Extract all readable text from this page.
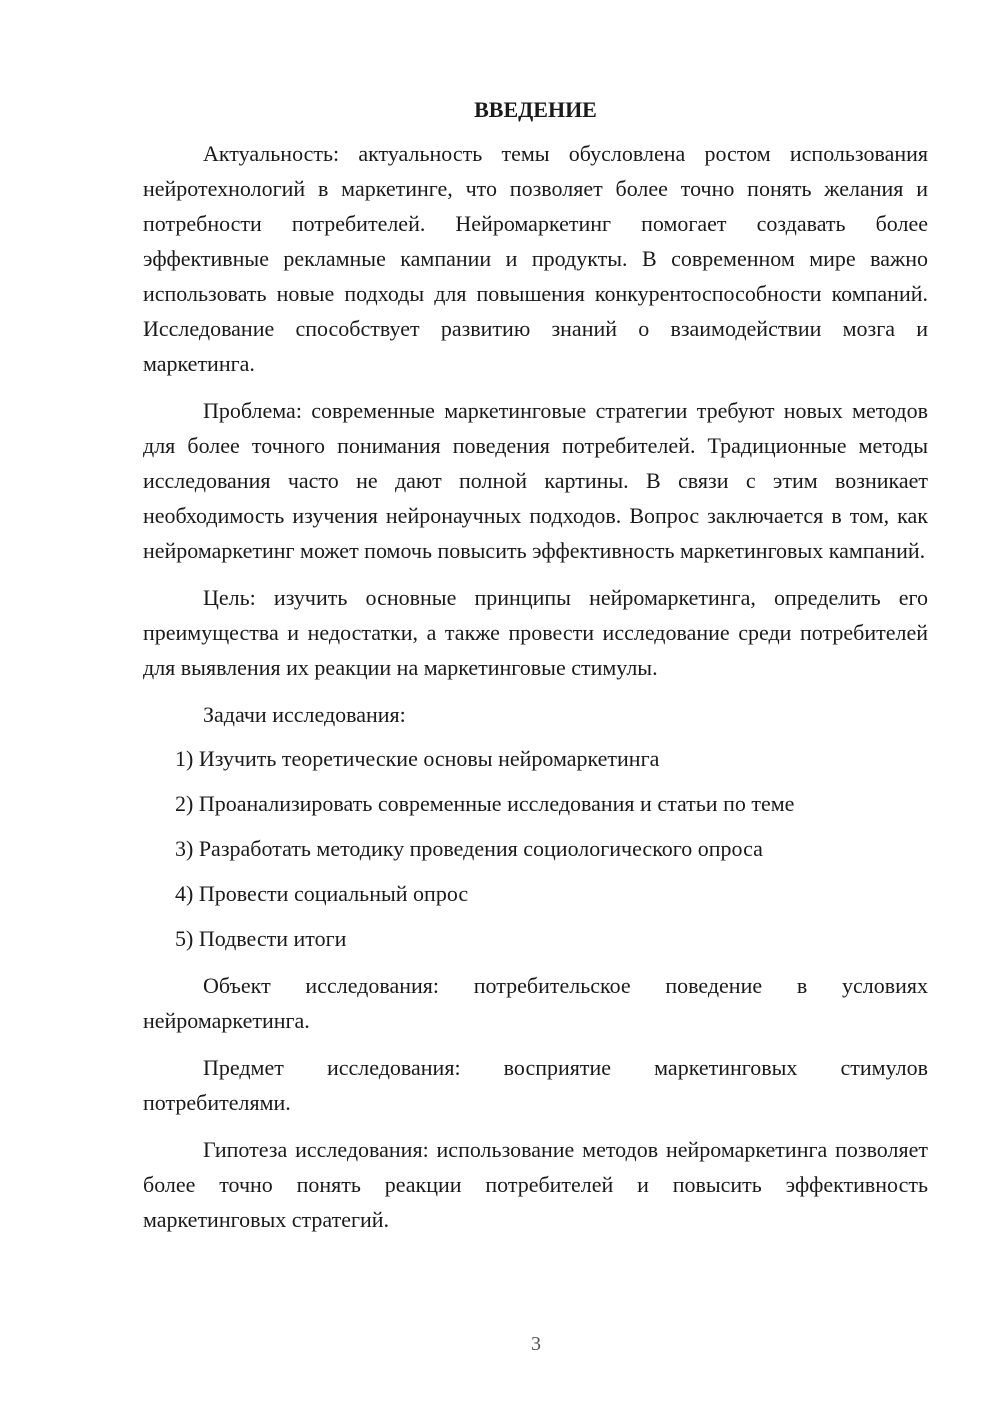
ВВЕДЕНИЕ

Актуальность: актуальность темы обусловлена ростом использования нейротехнологий в маркетинге, что позволяет более точно понять желания и потребности потребителей. Нейромаркетинг помогает создавать более эффективные рекламные кампании и продукты. В современном мире важно использовать новые подходы для повышения конкурентоспособности компаний. Исследование способствует развитию знаний о взаимодействии мозга и маркетинга.

Проблема: современные маркетинговые стратегии требуют новых методов для более точного понимания поведения потребителей. Традиционные методы исследования часто не дают полной картины. В связи с этим возникает необходимость изучения нейронаучных подходов. Вопрос заключается в том, как нейромаркетинг может помочь повысить эффективность маркетинговых кампаний.

Цель: изучить основные принципы нейромаркетинга, определить его преимущества и недостатки, а также провести исследование среди потребителей для выявления их реакции на маркетинговые стимулы.

Задачи исследования:

1) Изучить теоретические основы нейромаркетинга
2) Проанализировать современные исследования и статьи по теме
3) Разработать методику проведения социологического опроса
4) Провести социальный опрос
5) Подвести итоги

Объект исследования: потребительское поведение в условиях нейромаркетинга.

Предмет исследования: восприятие маркетинговых стимулов потребителями.

Гипотеза исследования: использование методов нейромаркетинга позволяет более точно понять реакции потребителей и повысить эффективность маркетинговых стратегий.

3
